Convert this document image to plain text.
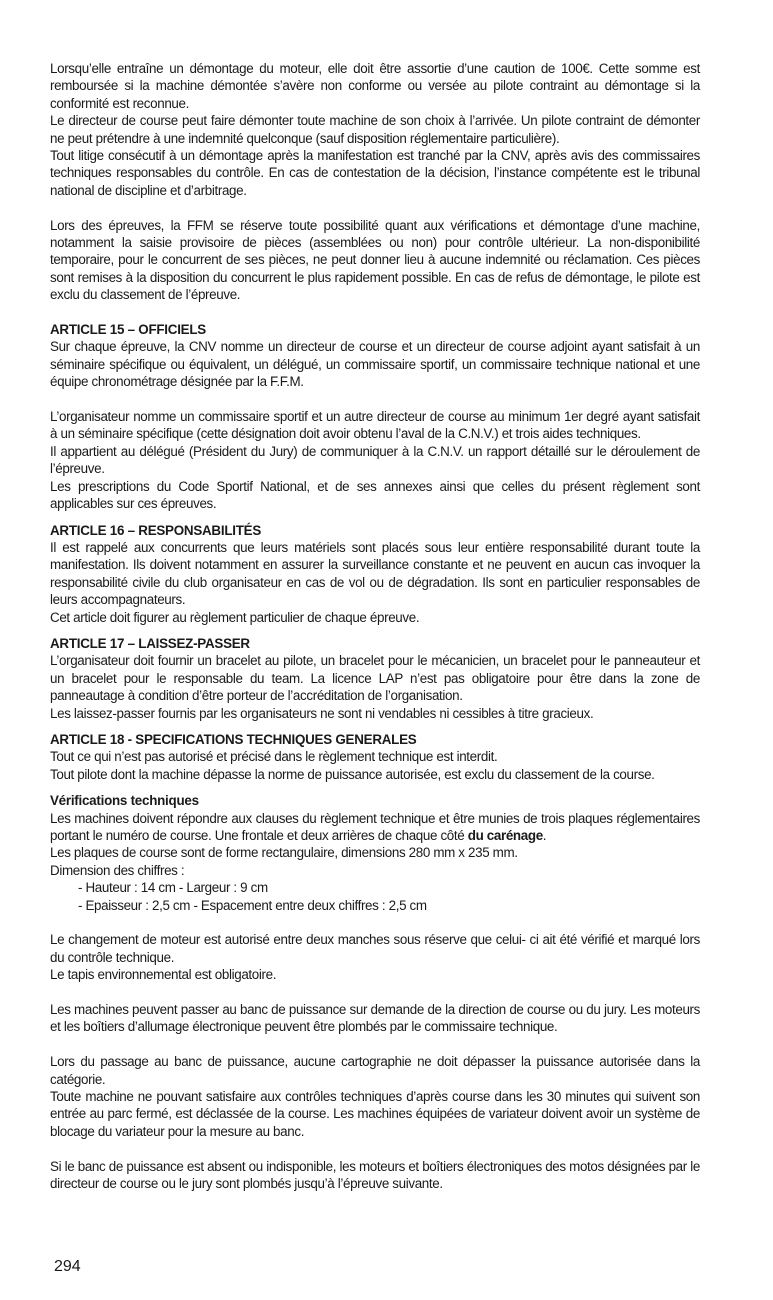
Lorsqu’elle entraîne un démontage du moteur, elle doit être assortie d’une caution de 100€. Cette somme est remboursée si la machine démontée s’avère non conforme ou versée au pilote contraint au démontage si la conformité est reconnue.

Le directeur de course peut faire démonter toute machine de son choix à l’arrivée. Un pilote contraint de démonter ne peut prétendre à une indemnité quelconque (sauf disposition réglementaire particulière).

Tout litige consécutif à un démontage après la manifestation est tranché par la CNV, après avis des commissaires techniques responsables du contrôle. En cas de contestation de la décision, l’instance compétente est le tribunal national de discipline et d’arbitrage.

Lors des épreuves, la FFM se réserve toute possibilité quant aux vérifications et démontage d’une machine, notamment la saisie provisoire de pièces (assemblées ou non) pour contrôle ultérieur. La non-disponibilité temporaire, pour le concurrent de ses pièces, ne peut donner lieu à aucune indemnité ou réclamation. Ces pièces sont remises à la disposition du concurrent le plus rapidement possible. En cas de refus de démontage, le pilote est exclu du classement de l’épreuve.

ARTICLE 15 – OFFICIELS

Sur chaque épreuve, la CNV nomme un directeur de course et un directeur de course adjoint ayant satisfait à un séminaire spécifique ou équivalent, un délégué, un commissaire sportif, un commissaire technique national et une équipe chronométrage désignée par la F.F.M.

L’organisateur nomme un commissaire sportif et un autre directeur de course au minimum 1er degré ayant satisfait à un séminaire spécifique (cette désignation doit avoir obtenu l’aval de la C.N.V.) et trois aides techniques.

Il appartient au délégué (Président du Jury) de communiquer à la C.N.V. un rapport détaillé sur le déroulement de l’épreuve.

Les prescriptions du Code Sportif National, et de ses annexes ainsi que celles du présent règlement sont applicables sur ces épreuves.

ARTICLE 16 – RESPONSABILITÉS

Il est rappelé aux concurrents que leurs matériels sont placés sous leur entière responsabilité durant toute la manifestation. Ils doivent notamment en assurer la surveillance constante et ne peuvent en aucun cas invoquer la responsabilité civile du club organisateur en cas de vol ou de dégradation. Ils sont en particulier responsables de leurs accompagnateurs.

Cet article doit figurer au règlement particulier de chaque épreuve.

ARTICLE 17 – LAISSEZ-PASSER

L’organisateur doit fournir un bracelet au pilote, un bracelet pour le mécanicien, un bracelet pour le panneauteur et un bracelet pour le responsable du team. La licence LAP n’est pas obligatoire pour être dans la zone de panneautage à condition d’être porteur de l’accréditation de l’organisation.

Les laissez-passer fournis par les organisateurs ne sont ni vendables ni cessibles à titre gracieux.

ARTICLE 18 - SPECIFICATIONS TECHNIQUES GENERALES

Tout ce qui n’est pas autorisé et précisé dans le règlement technique est interdit.

Tout pilote dont la machine dépasse la norme de puissance autorisée, est exclu du classement de la course.

Vérifications techniques

Les machines doivent répondre aux clauses du règlement technique et être munies de trois plaques réglementaires portant le numéro de course. Une frontale et deux arrières de chaque côté du carénage.

Les plaques de course sont de forme rectangulaire, dimensions 280 mm x 235 mm.

Dimension des chiffres :

- Hauteur : 14 cm - Largeur : 9 cm

- Epaisseur : 2,5 cm - Espacement entre deux chiffres : 2,5 cm

Le changement de moteur est autorisé entre deux manches sous réserve que celui- ci ait été vérifié et marqué lors du contrôle technique.

Le tapis environnemental est obligatoire.

Les machines peuvent passer au banc de puissance sur demande de la direction de course ou du jury. Les moteurs et les boîtiers d’allumage électronique peuvent être plombés par le commissaire technique.

Lors du passage au banc de puissance, aucune cartographie ne doit dépasser la puissance autorisée dans la catégorie.

Toute machine ne pouvant satisfaire aux contrôles techniques d’après course dans les 30 minutes qui suivent son entrée au parc fermé, est déclassée de la course. Les machines équipées de variateur doivent avoir un système de blocage du variateur pour la mesure au banc.

Si le banc de puissance est absent ou indisponible, les moteurs et boîtiers électroniques des motos désignées par le directeur de course ou le jury sont plombés jusqu’à l’épreuve suivante.

294
